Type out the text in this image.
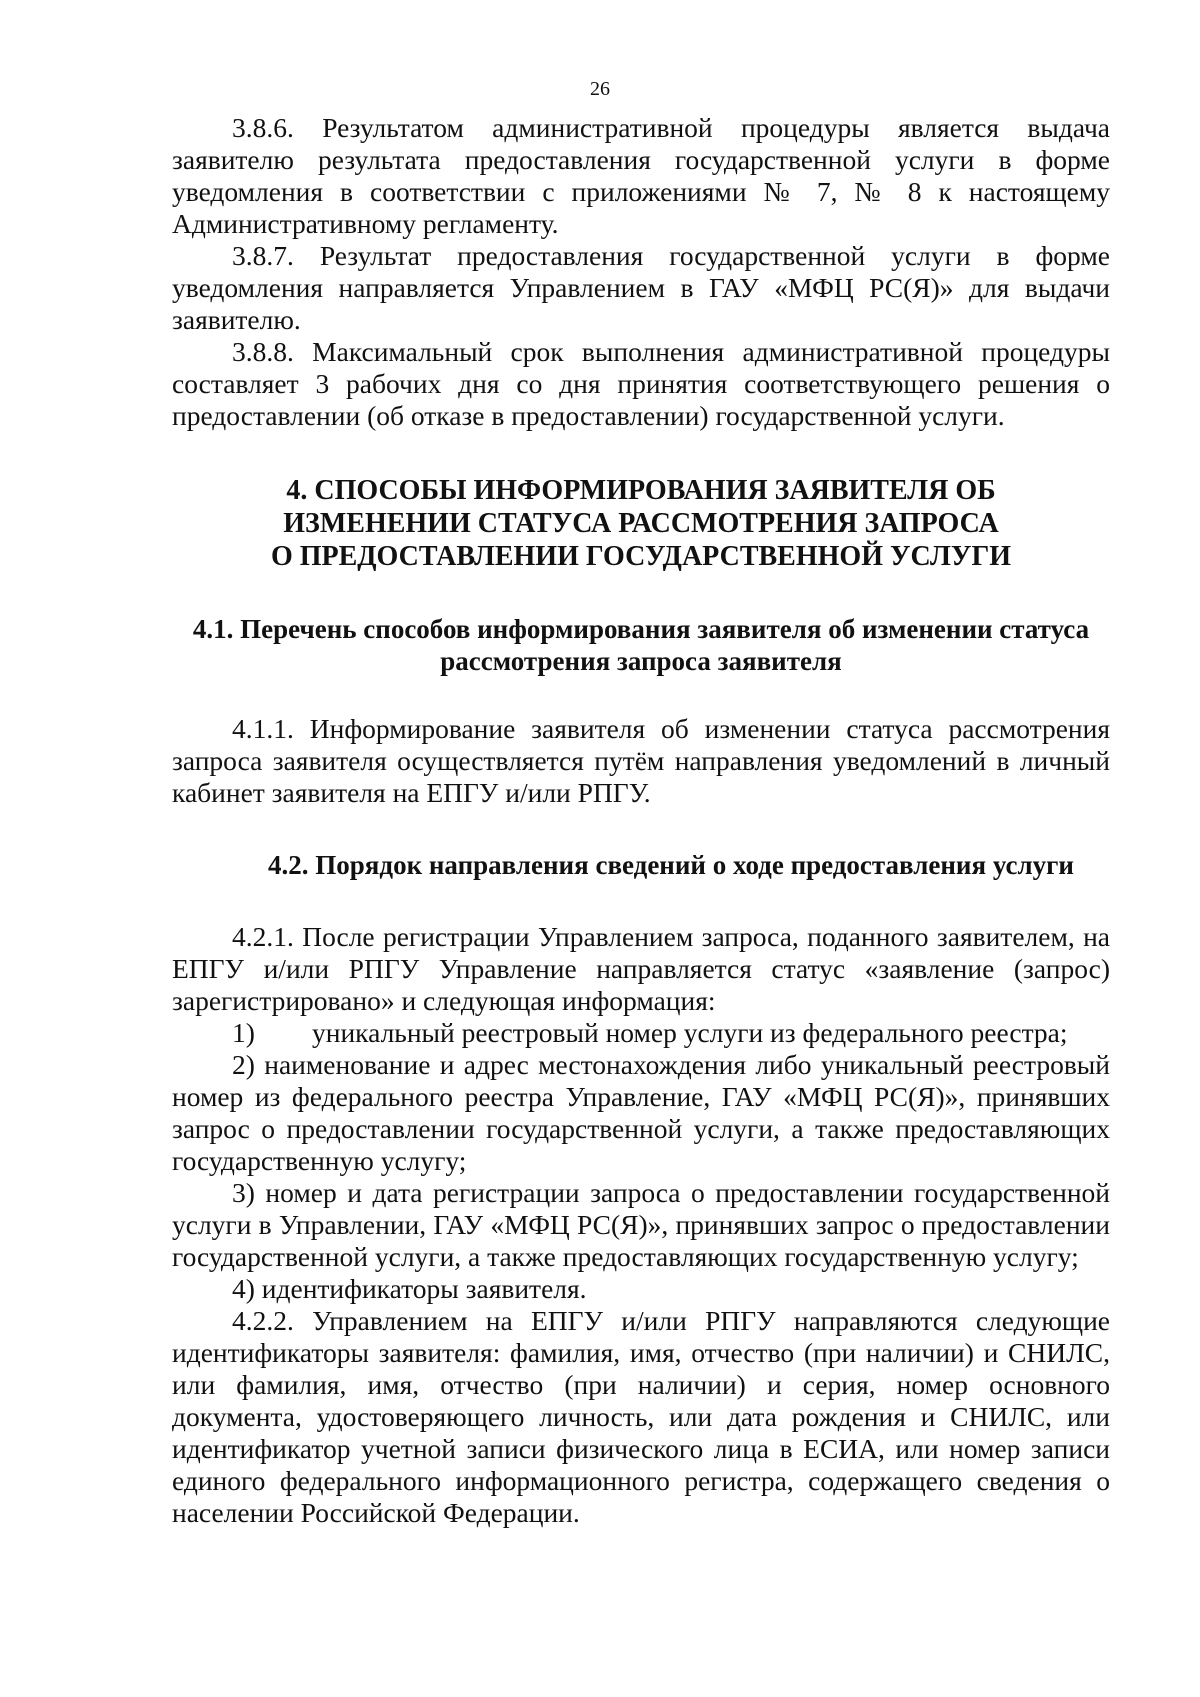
26

3.8.6. Результатом административной процедуры является выдача заявителю результата предоставления государственной услуги в форме уведомления в соответствии с приложениями № 7, № 8 к настоящему Административному регламенту.

3.8.7. Результат предоставления государственной услуги в форме уведомления направляется Управлением в ГАУ «МФЦ РС(Я)» для выдачи заявителю.

3.8.8. Максимальный срок выполнения административной процедуры составляет 3 рабочих дня со дня принятия соответствующего решения о предоставлении (об отказе в предоставлении) государственной услуги.

4. СПОСОБЫ ИНФОРМИРОВАНИЯ ЗАЯВИТЕЛЯ ОБ
ИЗМЕНЕНИИ СТАТУСА РАССМОТРЕНИЯ ЗАПРОСА
О ПРЕДОСТАВЛЕНИИ ГОСУДАРСТВЕННОЙ УСЛУГИ
4.1. Перечень способов информирования заявителя об изменении статуса
рассмотрения запроса заявителя

4.1.1. Информирование заявителя об изменении статуса рассмотрения запроса заявителя осуществляется путём направления уведомлений в личный кабинет заявителя на ЕПГУ и/или РПГУ.

4.2. Порядок направления сведений о ходе предоставления услуги

4.2.1. После регистрации Управлением запроса, поданного заявителем, на ЕПГУ и/или РПГУ Управление направляется статус «заявление (запрос) зарегистрировано» и следующая информация:

1) уникальный реестровый номер услуги из федерального реестра;

2) наименование и адрес местонахождения либо уникальный реестровый номер из федерального реестра Управление, ГАУ «МФЦ РС(Я)», принявших запрос о предоставлении государственной услуги, а также предоставляющих государственную услугу;

3) номер и дата регистрации запроса о предоставлении государственной услуги в Управлении, ГАУ «МФЦ РС(Я)», принявших запрос о предоставлении государственной услуги, а также предоставляющих государственную услугу;

4) идентификаторы заявителя.

4.2.2. Управлением на ЕПГУ и/или РПГУ направляются следующие идентификаторы заявителя: фамилия, имя, отчество (при наличии) и СНИЛС, или фамилия, имя, отчество (при наличии) и серия, номер основного документа, удостоверяющего личность, или дата рождения и СНИЛС, или идентификатор учетной записи физического лица в ЕСИА, или номер записи единого федерального информационного регистра, содержащего сведения о населении Российской Федерации.
